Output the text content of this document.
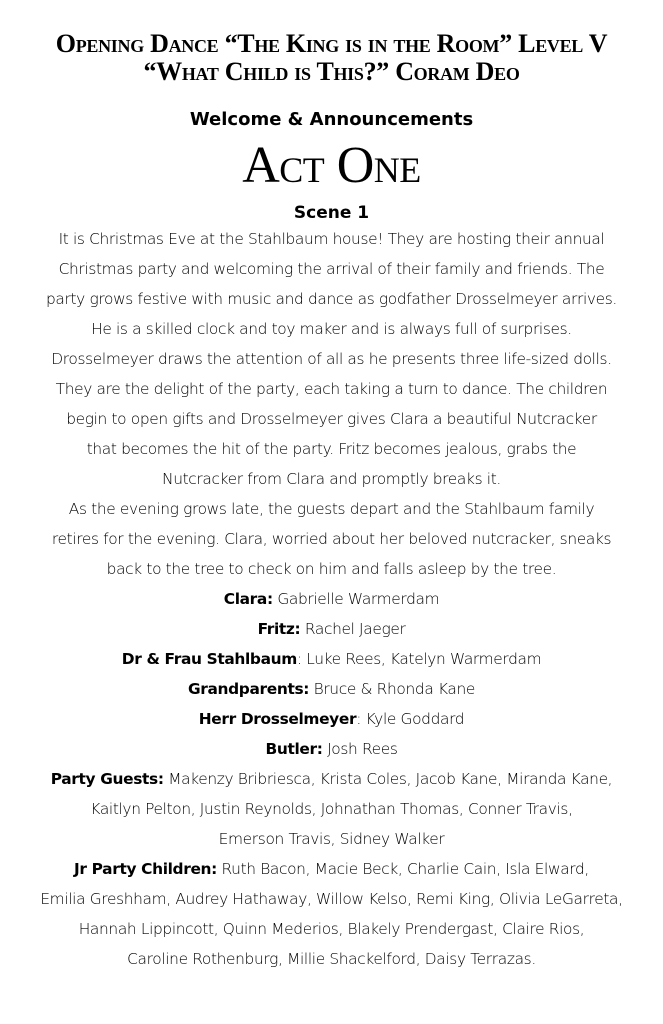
Opening Dance “The King is in the Room” Level V
“What Child is This?” Coram Deo
Welcome & Announcements
Act One
Scene 1
It is Christmas Eve at the Stahlbaum house! They are hosting their annual
Christmas party and welcoming the arrival of their family and friends. The
party grows festive with music and dance as godfather Drosselmeyer arrives.
He is a skilled clock and toy maker and is always full of surprises.
Drosselmeyer draws the attention of all as he presents three life-sized dolls.
They are the delight of the party, each taking a turn to dance. The children
begin to open gifts and Drosselmeyer gives Clara a beautiful Nutcracker
that becomes the hit of the party. Fritz becomes jealous, grabs the
Nutcracker from Clara and promptly breaks it.
As the evening grows late, the guests depart and the Stahlbaum family
retires for the evening. Clara, worried about her beloved nutcracker, sneaks
back to the tree to check on him and falls asleep by the tree.
Clara: Gabrielle Warmerdam
Fritz: Rachel Jaeger
Dr & Frau Stahlbaum: Luke Rees, Katelyn Warmerdam
Grandparents: Bruce & Rhonda Kane
Herr Drosselmeyer: Kyle Goddard
Butler: Josh Rees
Party Guests: Makenzy Bribriesca, Krista Coles, Jacob Kane, Miranda Kane,
Kaitlyn Pelton, Justin Reynolds, Johnathan Thomas, Conner Travis,
Emerson Travis, Sidney Walker
Jr Party Children: Ruth Bacon, Macie Beck, Charlie Cain, Isla Elward,
Emilia Greshham, Audrey Hathaway, Willow Kelso, Remi King, Olivia LeGarreta,
Hannah Lippincott, Quinn Mederios, Blakely Prendergast, Claire Rios,
Caroline Rothenburg, Millie Shackelford, Daisy Terrazas.
